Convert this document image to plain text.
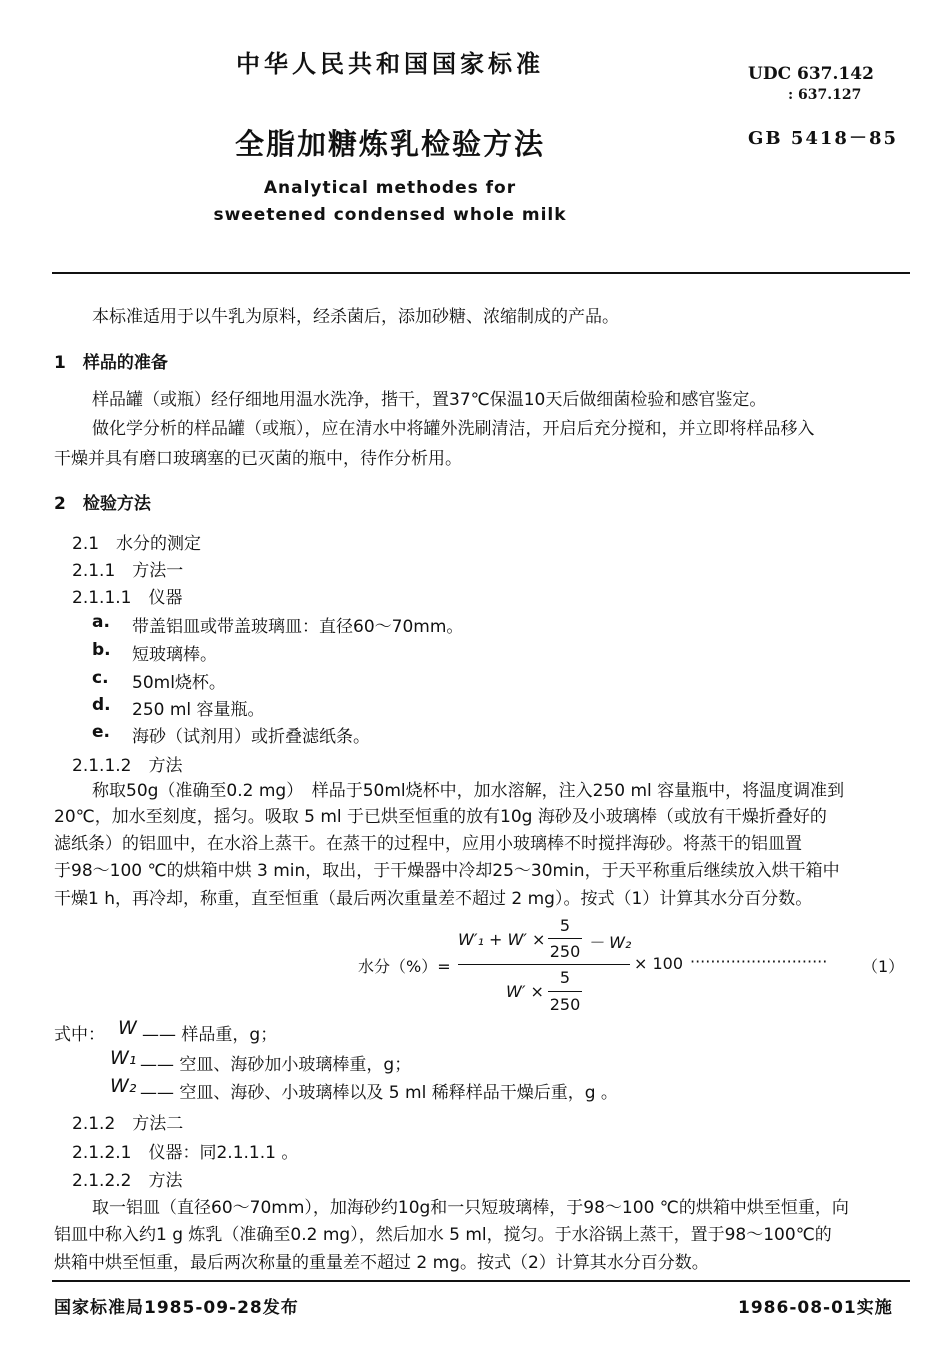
中华人民共和国国家标准	UDC 637.142
: 637.127
全脂加糖炼乳检验方法	GB 5418－85
Analytical methodes for
sweetened condensed whole milk
本标准适用于以牛乳为原料，经杀菌后，添加砂糖、浓缩制成的产品。
1　样品的准备
样品罐（或瓶）经仔细地用温水洗净，揩干，置37℃保温10天后做细菌检验和感官鉴定。
做化学分析的样品罐（或瓶），应在清水中将罐外洗刷清洁，开启后充分搅和，并立即将样品移入
干燥并具有磨口玻璃塞的已灭菌的瓶中，待作分析用。
2　检验方法
2.1　水分的测定
2.1.1　方法一
2.1.1.1　仪器
a. 带盖铝皿或带盖玻璃皿：直径60～70mm。
b. 短玻璃棒。
c. 50ml烧杯。
d. 250 ml 容量瓶。
e. 海砂（试剂用）或折叠滤纸条。
2.1.1.2　方法
称取50g（准确至0.2 mg）　样品于50ml烧杯中，加水溶解，注入250 ml 容量瓶中，将温度调准到
20℃，加水至刻度，摇匀。吸取 5 ml 于已烘至恒重的放有10g 海砂及小玻璃棒（或放有干燥折叠好的
滤纸条）的铝皿中，在水浴上蒸干。在蒸干的过程中，应用小玻璃棒不时搅拌海砂。将蒸干的铝皿置
于98～100 ℃的烘箱中烘 3 min，取出，于干燥器中冷却25～30min，于天平称重后继续放入烘干箱中
干燥1 h，再冷却，称重，直至恒重（最后两次重量差不超过 2 mg）。按式（1）计算其水分百分数。
水分（%）=
W′₁ + W′ ×
5
250 － W₂
W′ ×
5
250
× 100 ··························· （1）
式中： W —— 样品重，g；
W₁ —— 空皿、海砂加小玻璃棒重，g；
W₂ —— 空皿、海砂、小玻璃棒以及 5 ml 稀释样品干燥后重，g 。
2.1.2　方法二
2.1.2.1　仪器：同2.1.1.1 。
2.1.2.2　方法
取一铝皿（直径60～70mm），加海砂约10g和一只短玻璃棒，于98～100 ℃的烘箱中烘至恒重，向
铝皿中称入约1 g 炼乳（准确至0.2 mg），然后加水 5 ml，搅匀。于水浴锅上蒸干，置于98～100℃的
烘箱中烘至恒重，最后两次称量的重量差不超过 2 mg。按式（2）计算其水分百分数。
国家标准局1985-09-28发布	1986-08-01实施
